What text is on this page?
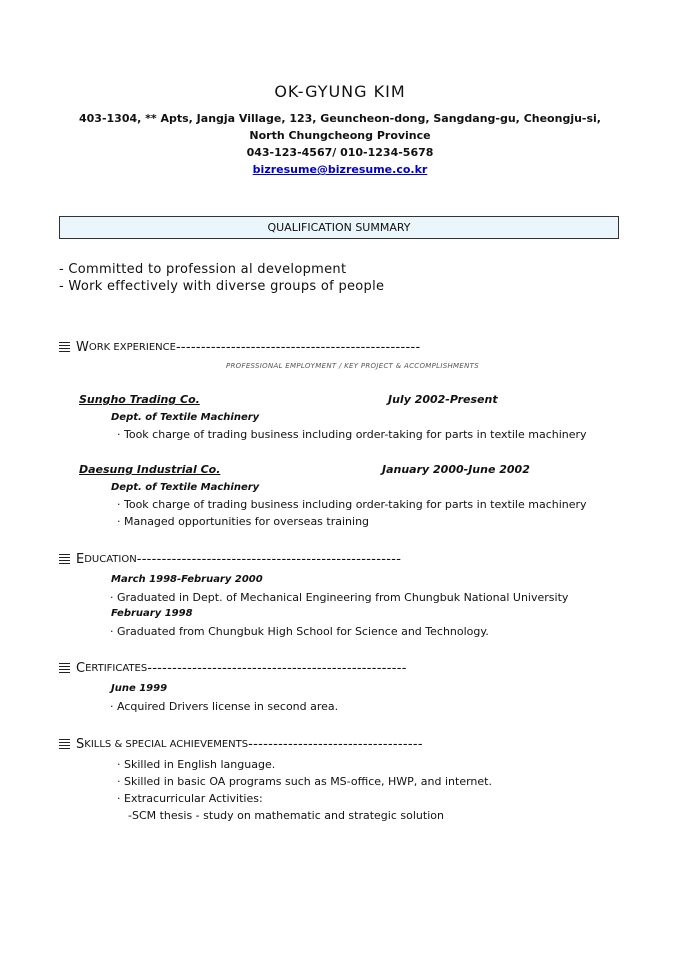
OK-GYUNG KIM
403-1304, ** Apts, Jangja Village, 123, Geuncheon-dong, Sangdang-gu, Cheongju-si,
North Chungcheong Province
043-123-4567/ 010-1234-5678
bizresume@bizresume.co.kr
QUALIFICATION SUMMARY
- Committed to profession al development
- Work effectively with diverse groups of people
W ORK EXPERIENCE -------------------------------------------------
PROFESSIONAL EMPLOYMENT / KEY PROJECT & ACCOMPLISHMENTS
Sungho Trading Co.	July 2002-Present
Dept. of Textile Machinery
· Took charge of trading business including order-taking for parts in textile machinery
Daesung Industrial Co.	January 2000-June 2002
Dept. of Textile Machinery
· Took charge of trading business including order-taking for parts in textile machinery
· Managed opportunities for overseas training
E DUCATION -----------------------------------------------------
March 1998-February 2000
· Graduated in Dept. of Mechanical Engineering from Chungbuk National University
February 1998
· Graduated from Chungbuk High School for Science and Technology.
C ERTIFICATES ----------------------------------------------------
June 1999
· Acquired Drivers license in second area.
S KILLS & SPECIAL ACHIEVEMENTS -----------------------------------
· Skilled in English language.
· Skilled in basic OA programs such as MS-office, HWP, and internet.
· Extracurricular Activities:
-SCM thesis - study on mathematic and strategic solution
